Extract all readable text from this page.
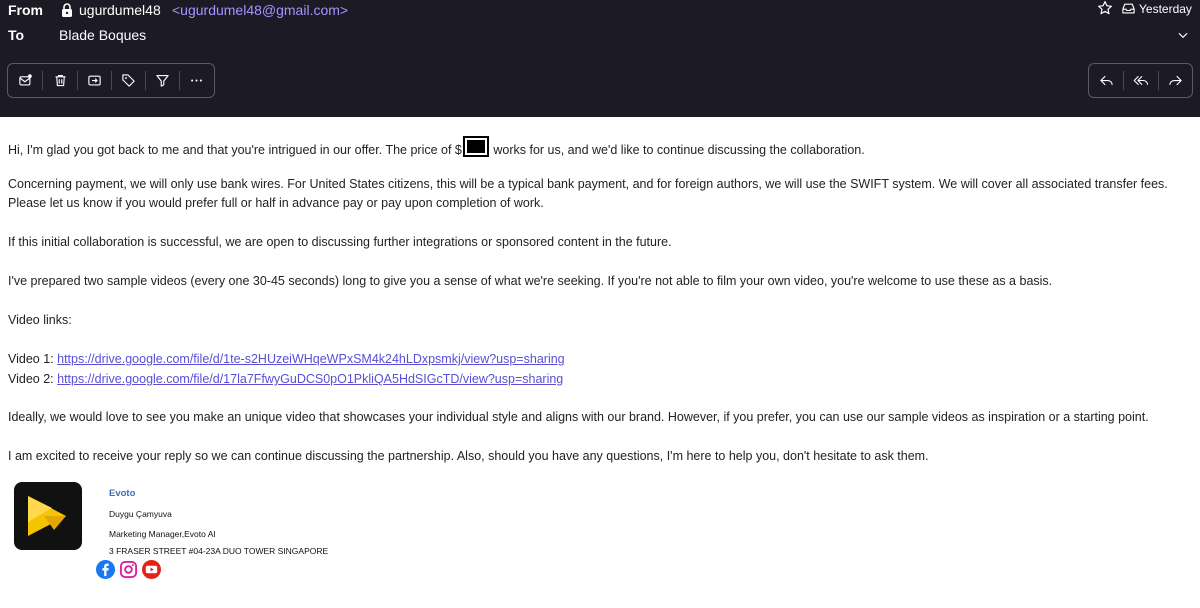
From	ugurdumel48 <ugurdumel48@gmail.com>
To Blade Boques
Yesterday

Hi, I'm glad you got back to me and that you're intrigued in our offer. The price of $ works for us, and we'd like to continue discussing the collaboration.

Concerning payment, we will only use bank wires. For United States citizens, this will be a typical bank payment, and for foreign authors, we will use the SWIFT system. We will cover all associated transfer fees.

Please let us know if you would prefer full or half in advance pay or pay upon completion of work.

If this initial collaboration is successful, we are open to discussing further integrations or sponsored content in the future.

I've prepared two sample videos (every one 30-45 seconds) long to give you a sense of what we're seeking. If you're not able to film your own video, you're welcome to use these as a basis.

Video links:

Video 1: https://drive.google.com/file/d/1te-s2HUzeiWHqeWPxSM4k24hLDxpsmkj/view?usp=sharing

Video 2: https://drive.google.com/file/d/17la7FfwyGuDCS0pO1PkliQA5HdSIGcTD/view?usp=sharing

Ideally, we would love to see you make an unique video that showcases your individual style and aligns with our brand. However, if you prefer, you can use our sample videos as inspiration or a starting point.

I am excited to receive your reply so we can continue discussing the partnership. Also, should you have any questions, I'm here to help you, don't hesitate to ask them.

Evoto
Duygu Çamyuva
Marketing Manager,Evoto AI
3 FRASER STREET #04-23A DUO TOWER SINGAPORE
